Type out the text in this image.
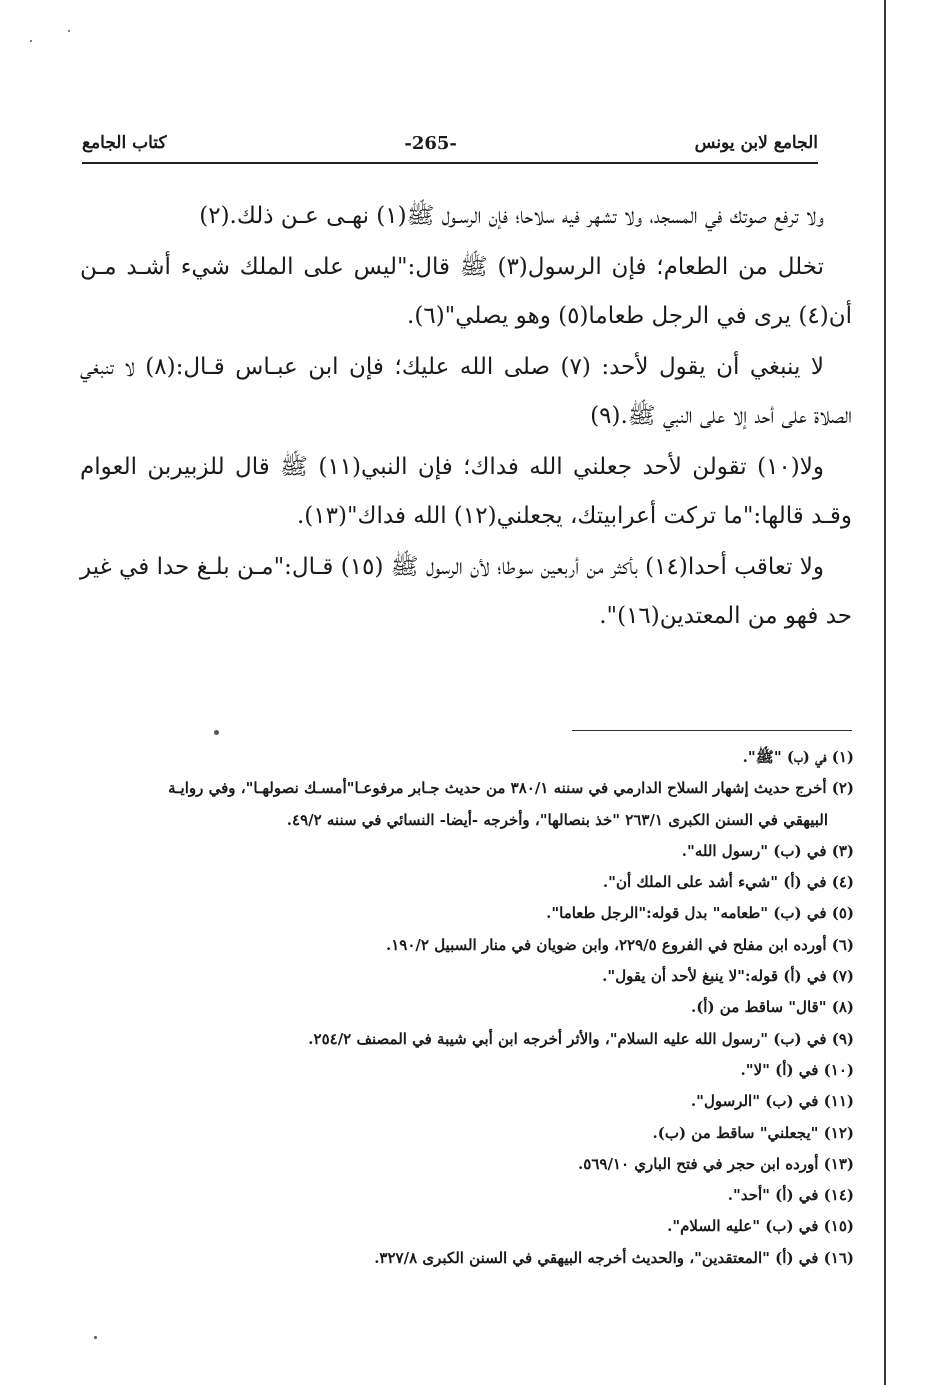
كتاب الجامع	-265-	الجامع لابن يونس

ولا ترفع صوتك في المسجد، ولا تشهر فيه سلاحا؛ فإن الرسـول ﷺ(١) نهـى عـن ذلك.(٢)

تخلل من الطعام؛ فإن الرسول(٣) ﷺ قال:"ليس على الملك شيء أشـد مـن أن(٤) يرى في الرجل طعاما(٥) وهو يصلي"(٦).

لا ينبغي أن يقول لأحد: (٧) صلى الله عليك؛ فإن ابن عبـاس قـال:(٨) لا تنبغي الصلاة على أحد إلا على النبي ﷺ.(٩)

ولا(١٠) تقولن لأحد جعلني الله فداك؛ فإن النبي(١١) ﷺ قال للزبيربن العوام وقـد قالها:"ما تركت أعرابيتك، يجعلني(١٢) الله فداك"(١٣).

ولا تعاقب أحدا(١٤) بأكثر من أربعين سوطا؛ لأن الرسول ﷺ (١٥) قـال:"مـن بلـغ حدا في غير حد فهو من المعتدين(١٦)".

(١) في (ب) "ﷺ".

(٢) أخرج حديث إشهار السلاح الدارمي في سننه ٣٨٠/١ من حديث جـابر مرفوعـا"أمسـك نصولهـا"، وفي روايـة
البيهقي في السنن الكبرى ٢٦٣/١ "خذ بنصالها"، وأخرجه -أيضا- النسائي في سننه ٤٩/٢.

(٣) في (ب) "رسول الله".

(٤) في (أ) "شيء أشد على الملك أن".

(٥) في (ب) "طعامه" بدل قوله:"الرجل طعاما".

(٦) أورده ابن مفلح في الفروع ٢٢٩/٥، وابن ضويان في منار السبيل ١٩٠/٢.

(٧) في (أ) قوله:"لا ينبغ لأحد أن يقول".

(٨) "قال" ساقط من (أ).

(٩) في (ب) "رسول الله عليه السلام"، والأثر أخرجه ابن أبي شيبة في المصنف ٢٥٤/٢.

(١٠) في (أ) "لا".

(١١) في (ب) "الرسول".

(١٢) "يجعلني" ساقط من (ب).

(١٣) أورده ابن حجر في فتح الباري ٥٦٩/١٠.

(١٤) في (أ) "أحد".

(١٥) في (ب) "عليه السلام".

(١٦) في (أ) "المعتقدين"، والحديث أخرجه البيهقي في السنن الكبرى ٣٢٧/٨.
